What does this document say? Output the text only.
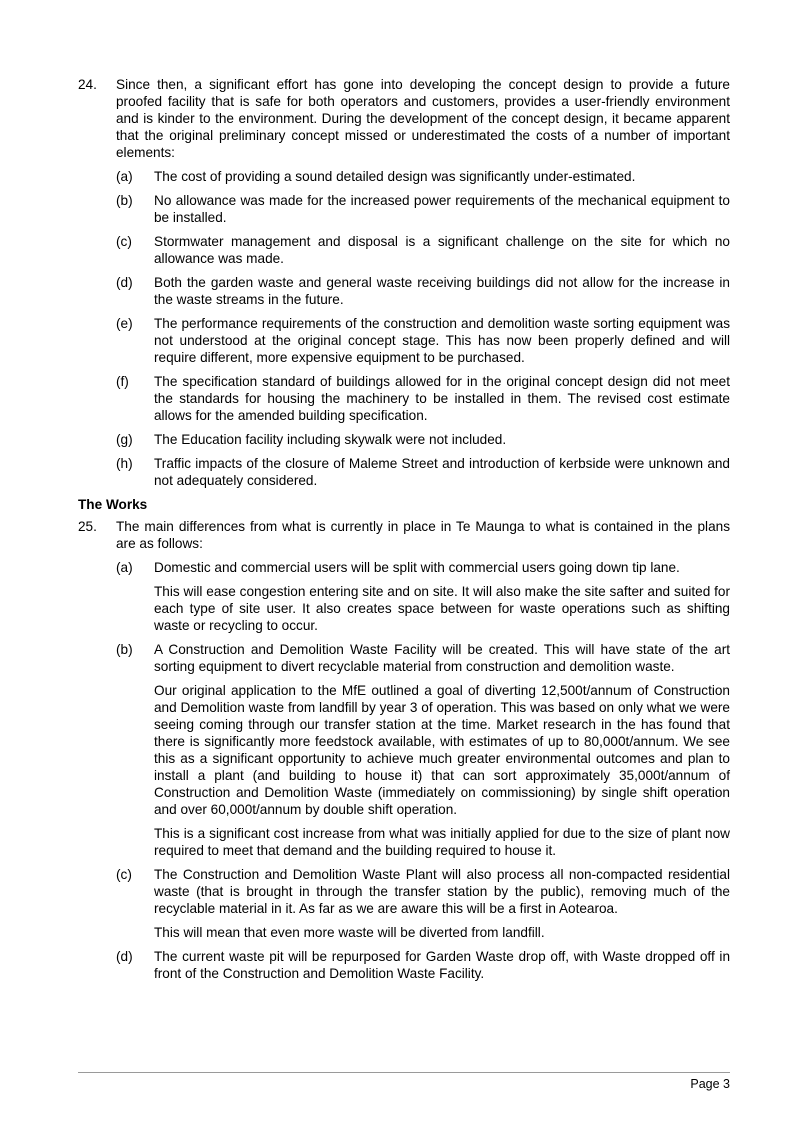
24. Since then, a significant effort has gone into developing the concept design to provide a future proofed facility that is safe for both operators and customers, provides a user-friendly environment and is kinder to the environment. During the development of the concept design, it became apparent that the original preliminary concept missed or underestimated the costs of a number of important elements:
(a) The cost of providing a sound detailed design was significantly under-estimated.
(b) No allowance was made for the increased power requirements of the mechanical equipment to be installed.
(c) Stormwater management and disposal is a significant challenge on the site for which no allowance was made.
(d) Both the garden waste and general waste receiving buildings did not allow for the increase in the waste streams in the future.
(e) The performance requirements of the construction and demolition waste sorting equipment was not understood at the original concept stage. This has now been properly defined and will require different, more expensive equipment to be purchased.
(f) The specification standard of buildings allowed for in the original concept design did not meet the standards for housing the machinery to be installed in them. The revised cost estimate allows for the amended building specification.
(g) The Education facility including skywalk were not included.
(h) Traffic impacts of the closure of Maleme Street and introduction of kerbside were unknown and not adequately considered.
The Works
25. The main differences from what is currently in place in Te Maunga to what is contained in the plans are as follows:
(a) Domestic and commercial users will be split with commercial users going down tip lane.
This will ease congestion entering site and on site. It will also make the site safter and suited for each type of site user. It also creates space between for waste operations such as shifting waste or recycling to occur.
(b) A Construction and Demolition Waste Facility will be created. This will have state of the art sorting equipment to divert recyclable material from construction and demolition waste.
Our original application to the MfE outlined a goal of diverting 12,500t/annum of Construction and Demolition waste from landfill by year 3 of operation. This was based on only what we were seeing coming through our transfer station at the time. Market research in the has found that there is significantly more feedstock available, with estimates of up to 80,000t/annum. We see this as a significant opportunity to achieve much greater environmental outcomes and plan to install a plant (and building to house it) that can sort approximately 35,000t/annum of Construction and Demolition Waste (immediately on commissioning) by single shift operation and over 60,000t/annum by double shift operation.
This is a significant cost increase from what was initially applied for due to the size of plant now required to meet that demand and the building required to house it.
(c) The Construction and Demolition Waste Plant will also process all non-compacted residential waste (that is brought in through the transfer station by the public), removing much of the recyclable material in it. As far as we are aware this will be a first in Aotearoa.
This will mean that even more waste will be diverted from landfill.
(d) The current waste pit will be repurposed for Garden Waste drop off, with Waste dropped off in front of the Construction and Demolition Waste Facility.
Page 3
